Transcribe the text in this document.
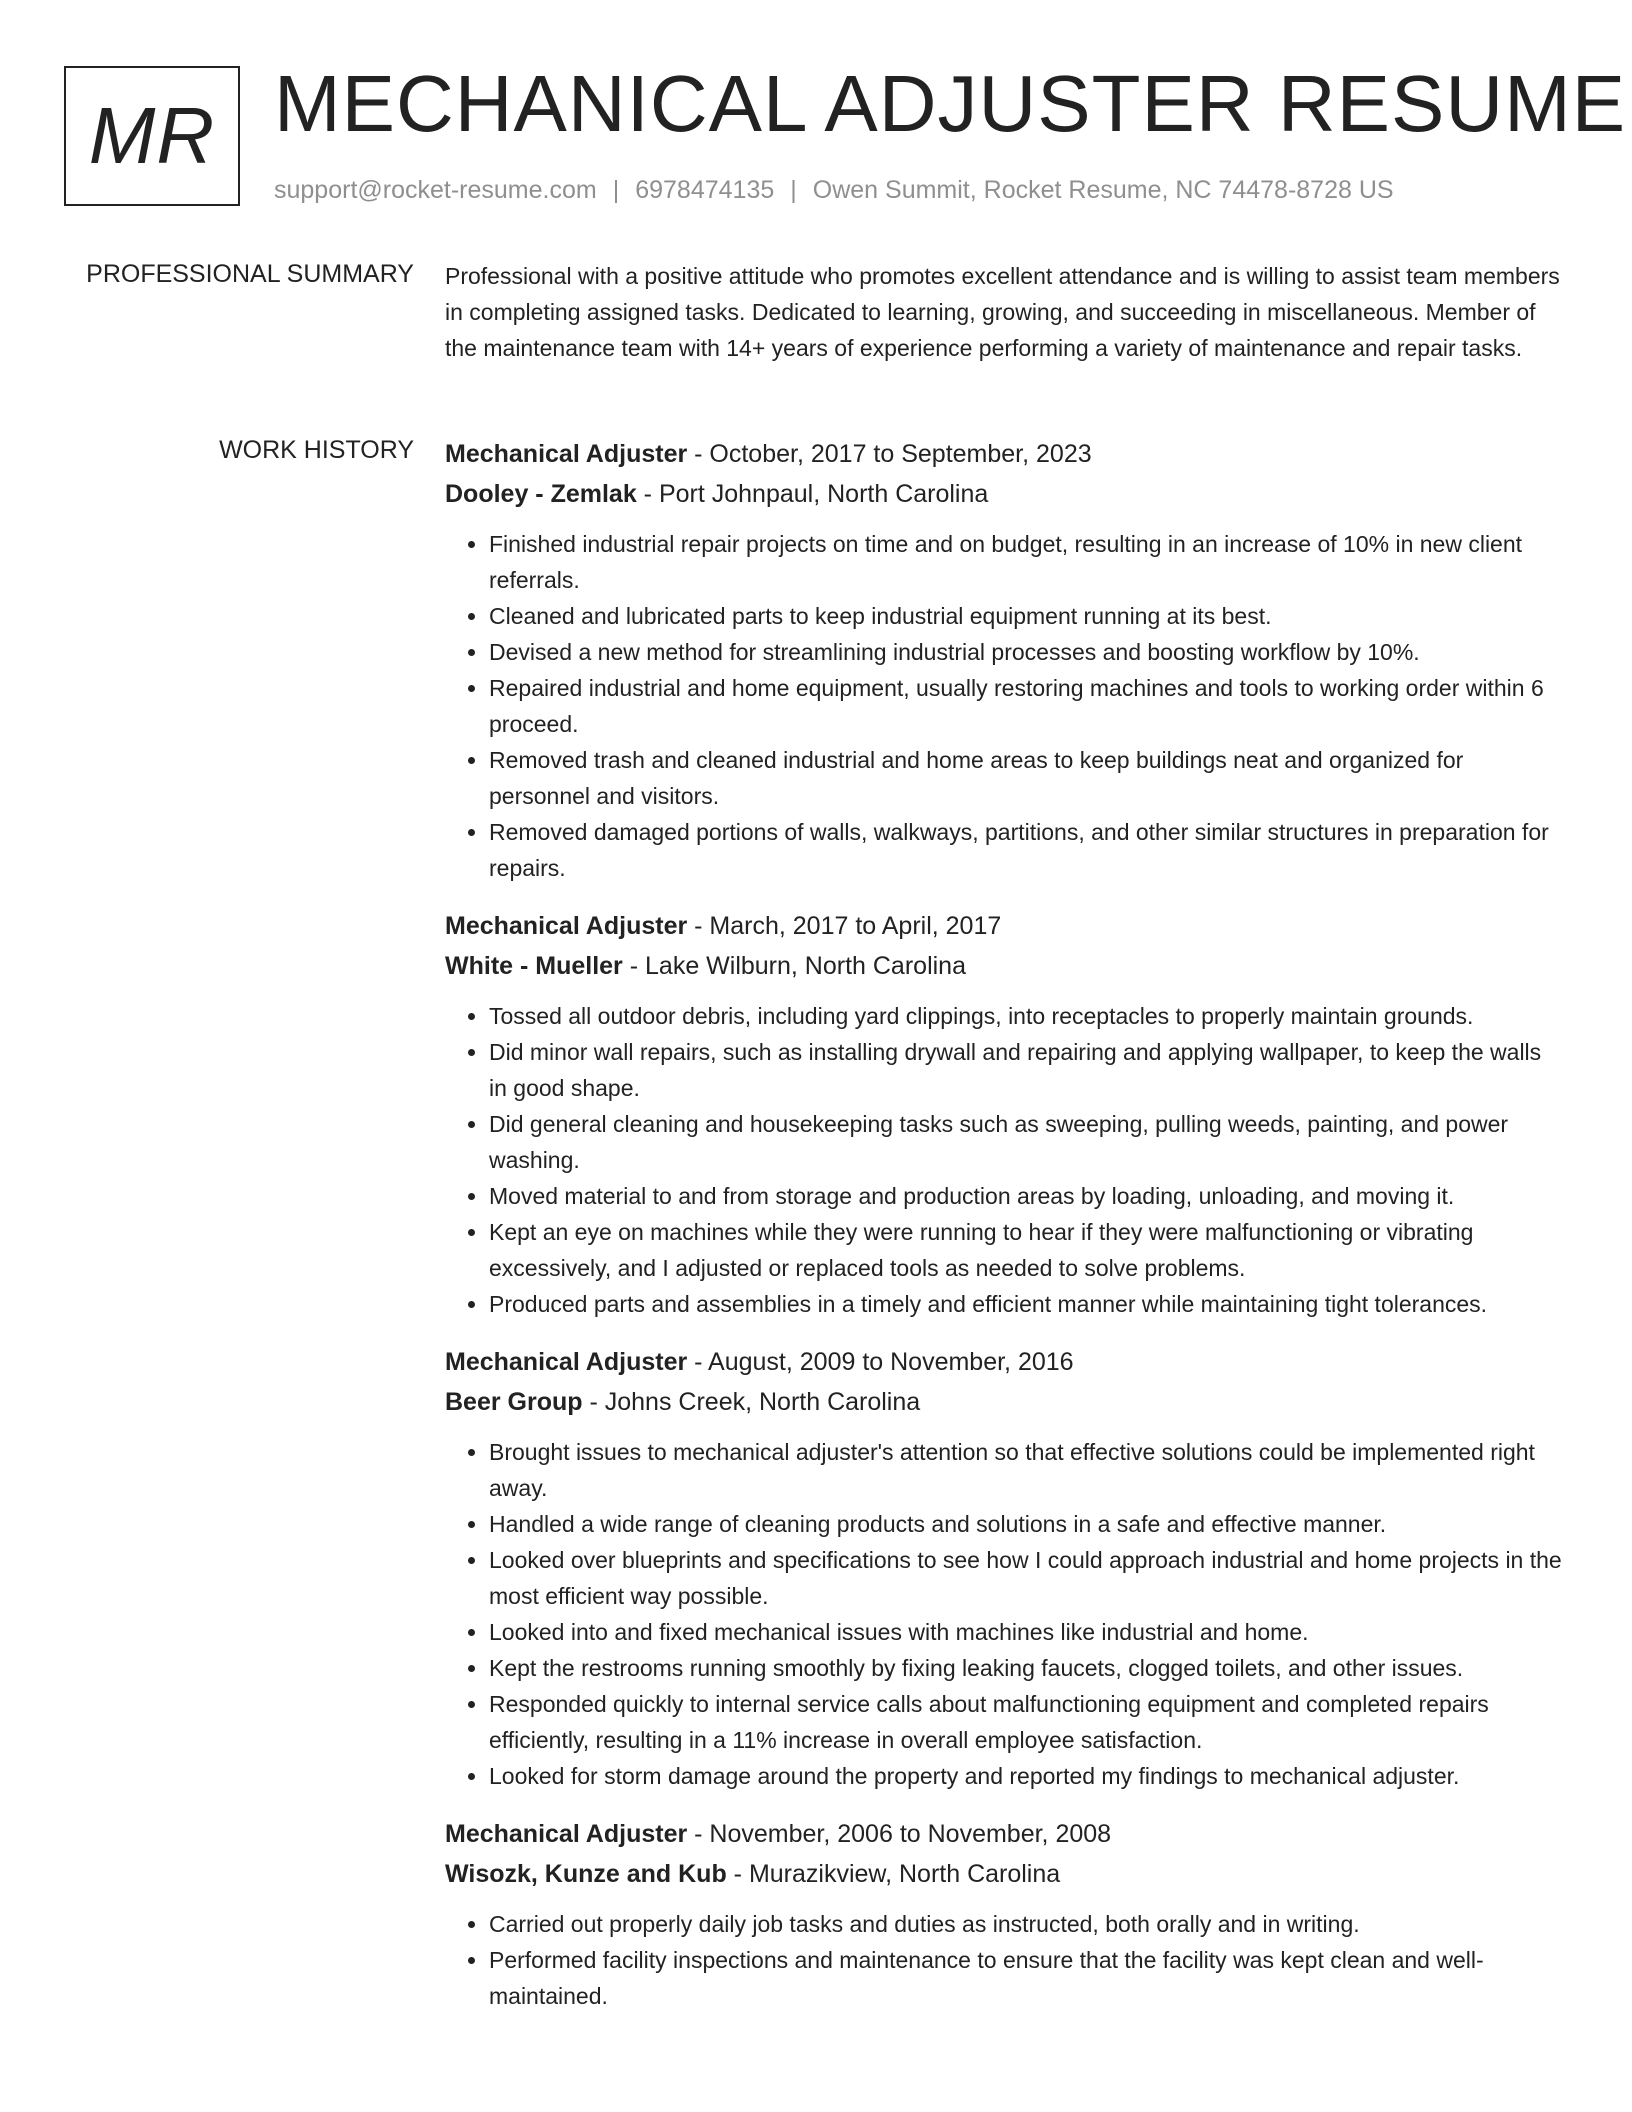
MR MECHANICAL ADJUSTER RESUME
support@rocket-resume.com | 6978474135 | Owen Summit, Rocket Resume, NC 74478-8728 US
PROFESSIONAL SUMMARY Professional with a positive attitude who promotes excellent attendance and is willing to assist team members in completing assigned tasks. Dedicated to learning, growing, and succeeding in miscellaneous. Member of the maintenance team with 14+ years of experience performing a variety of maintenance and repair tasks.
WORK HISTORY Mechanical Adjuster - October, 2017 to September, 2023
Dooley - Zemlak - Port Johnpaul, North Carolina
• Finished industrial repair projects on time and on budget, resulting in an increase of 10% in new client referrals.
• Cleaned and lubricated parts to keep industrial equipment running at its best.
• Devised a new method for streamlining industrial processes and boosting workflow by 10%.
• Repaired industrial and home equipment, usually restoring machines and tools to working order within 6 proceed.
• Removed trash and cleaned industrial and home areas to keep buildings neat and organized for personnel and visitors.
• Removed damaged portions of walls, walkways, partitions, and other similar structures in preparation for repairs.
Mechanical Adjuster - March, 2017 to April, 2017
White - Mueller - Lake Wilburn, North Carolina
• Tossed all outdoor debris, including yard clippings, into receptacles to properly maintain grounds.
• Did minor wall repairs, such as installing drywall and repairing and applying wallpaper, to keep the walls in good shape.
• Did general cleaning and housekeeping tasks such as sweeping, pulling weeds, painting, and power washing.
• Moved material to and from storage and production areas by loading, unloading, and moving it.
• Kept an eye on machines while they were running to hear if they were malfunctioning or vibrating excessively, and I adjusted or replaced tools as needed to solve problems.
• Produced parts and assemblies in a timely and efficient manner while maintaining tight tolerances.
Mechanical Adjuster - August, 2009 to November, 2016
Beer Group - Johns Creek, North Carolina
• Brought issues to mechanical adjuster's attention so that effective solutions could be implemented right away.
• Handled a wide range of cleaning products and solutions in a safe and effective manner.
• Looked over blueprints and specifications to see how I could approach industrial and home projects in the most efficient way possible.
• Looked into and fixed mechanical issues with machines like industrial and home.
• Kept the restrooms running smoothly by fixing leaking faucets, clogged toilets, and other issues.
• Responded quickly to internal service calls about malfunctioning equipment and completed repairs efficiently, resulting in a 11% increase in overall employee satisfaction.
• Looked for storm damage around the property and reported my findings to mechanical adjuster.
Mechanical Adjuster - November, 2006 to November, 2008
Wisozk, Kunze and Kub - Murazikview, North Carolina
• Carried out properly daily job tasks and duties as instructed, both orally and in writing.
• Performed facility inspections and maintenance to ensure that the facility was kept clean and well-maintained.
